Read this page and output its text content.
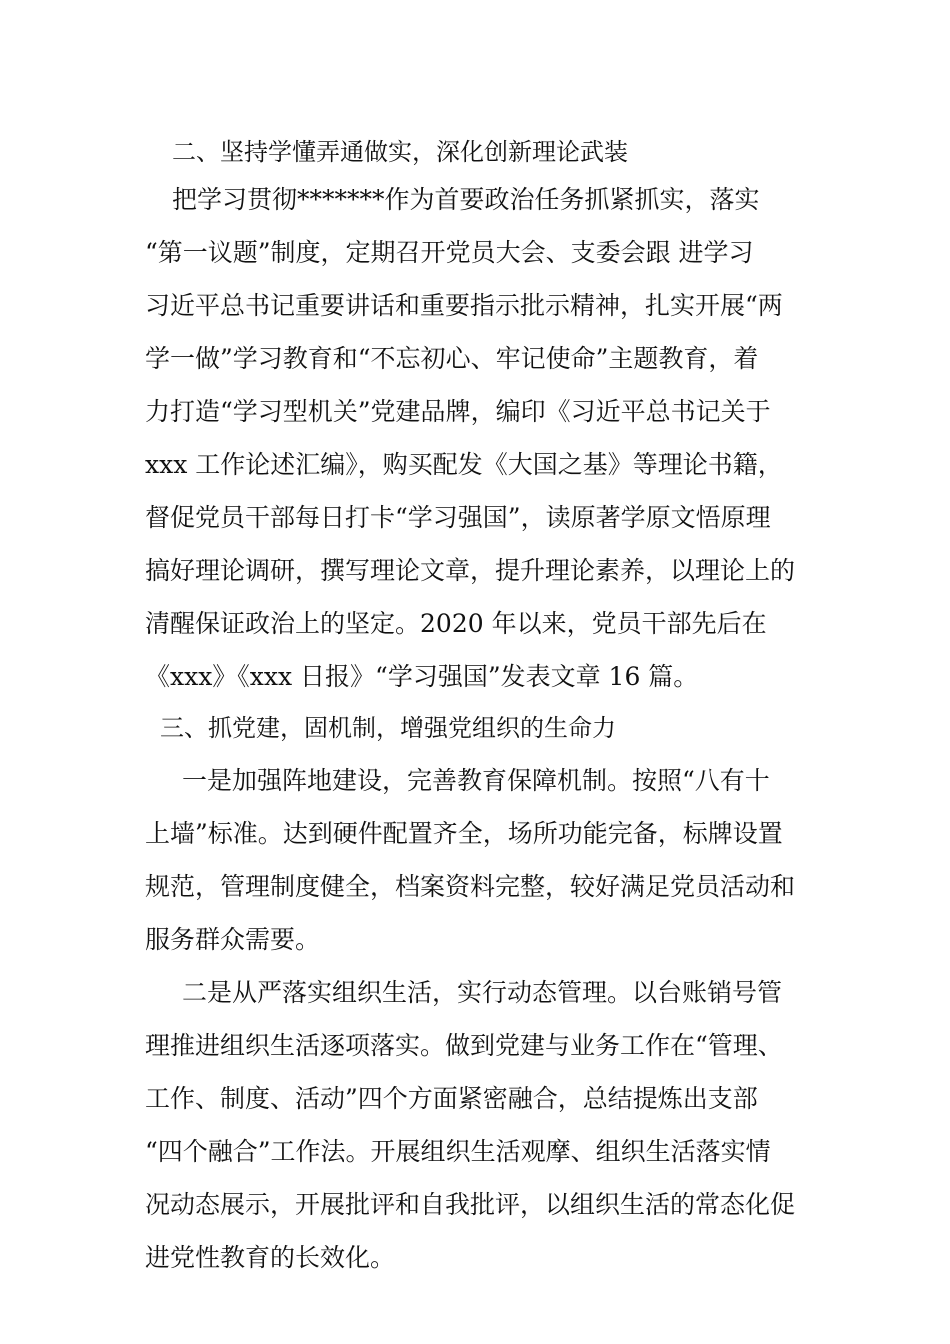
二、坚持学懂弄通做实，深化创新理论武装
把学习贯彻*******作为首要政治任务抓紧抓实，落实
“第一议题”制度，定期召开党员大会、支委会跟 进学习
习近平总书记重要讲话和重要指示批示精神，扎实开展“两
学一做”学习教育和“不忘初心、牢记使命”主题教育，着
力打造“学习型机关”党建品牌，编印《习近平总书记关于
xxx 工作论述汇编》，购买配发《大国之基》等理论书籍，
督促党员干部每日打卡“学习强国”，读原著学原文悟原理
搞好理论调研，撰写理论文章，提升理论素养，以理论上的
清醒保证政治上的坚定。2020 年以来，党员干部先后在
《xxx》《xxx 日报》“学习强国”发表文章 16 篇。
三、抓党建，固机制，增强党组织的生命力
一是加强阵地建设，完善教育保障机制。按照“八有十
上墙”标准。达到硬件配置齐全，场所功能完备，标牌设置
规范，管理制度健全，档案资料完整，较好满足党员活动和
服务群众需要。
二是从严落实组织生活，实行动态管理。以台账销号管
理推进组织生活逐项落实。做到党建与业务工作在“管理、
工作、制度、活动”四个方面紧密融合，总结提炼出支部
“四个融合”工作法。开展组织生活观摩、组织生活落实情
况动态展示，开展批评和自我批评，以组织生活的常态化促
进党性教育的长效化。
